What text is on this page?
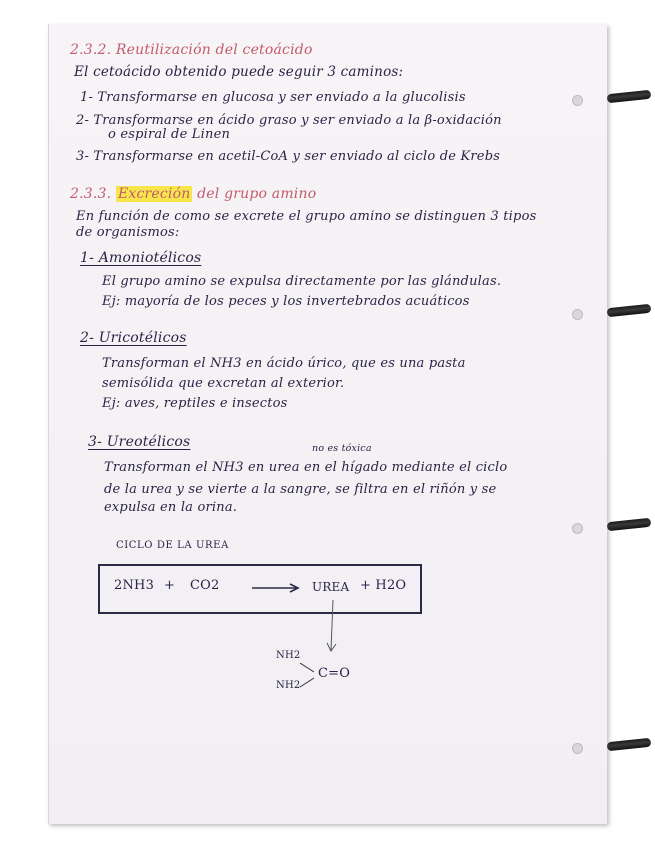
2.3.2. Reutilización del cetoácido
El cetoácido obtenido puede seguir 3 caminos:
1- Transformarse en glucosa y ser enviado a la glucolisis
2- Transformarse en ácido graso y ser enviado a la β-oxidación
o espiral de Linen
3- Transformarse en acetil-CoA y ser enviado al ciclo de Krebs
2.3.3. Excreción del grupo amino
En función de como se excrete el grupo amino se distinguen 3 tipos
de organismos:
1- Amoniotélicos
El grupo amino se expulsa directamente por las glándulas.
Ej: mayoría de los peces y los invertebrados acuáticos
2- Uricotélicos
Transforman el NH3 en ácido úrico, que es una pasta
semisólida que excretan al exterior.
Ej: aves, reptiles e insectos
3- Ureotélicos	no es tóxica
Transforman el NH3 en urea en el hígado mediante el ciclo
de la urea y se vierte a la sangre, se filtra en el riñón y se
expulsa en la orina.
CICLO DE LA UREA
2NH3 + CO2 → UREA + H2O
NH2
NH2
C=O
